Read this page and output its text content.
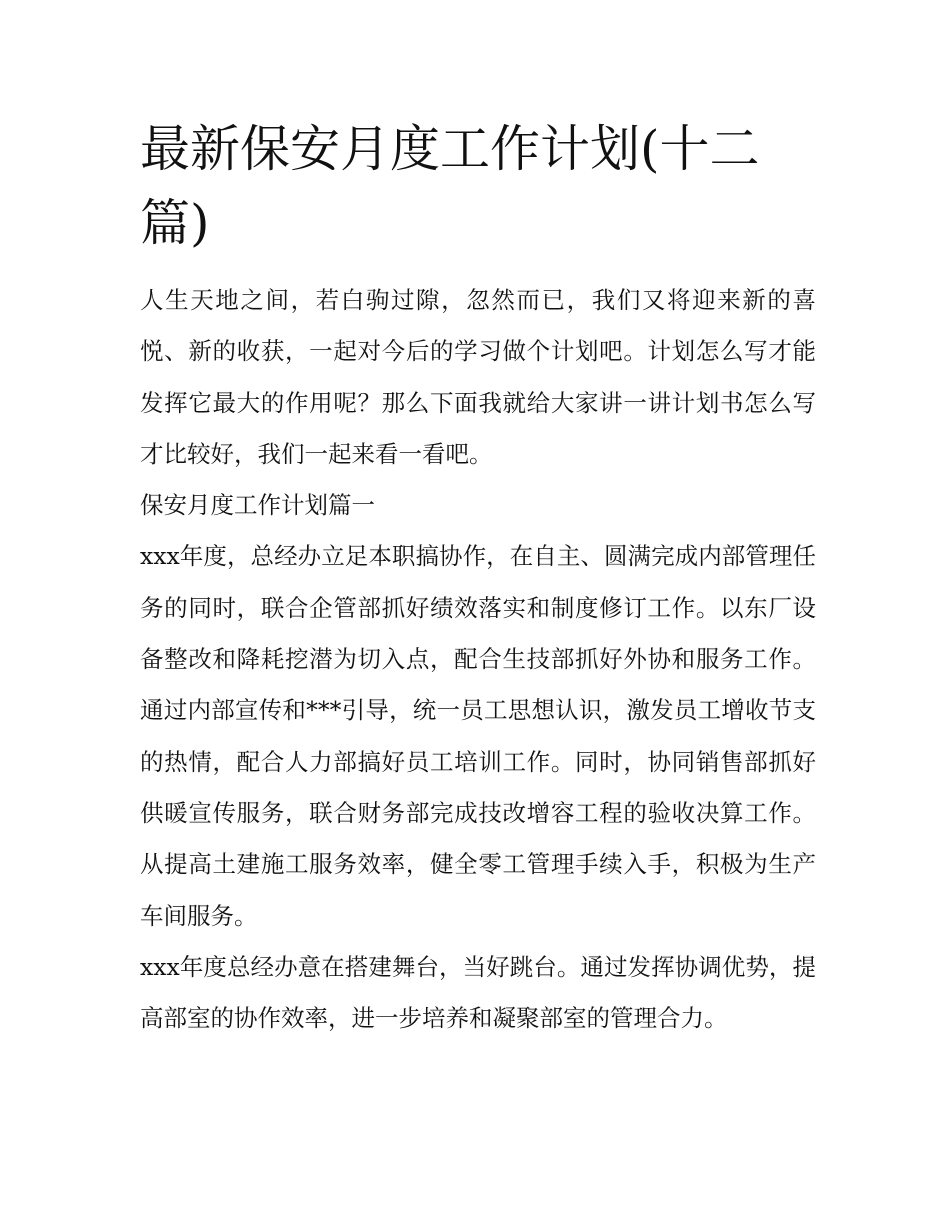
最新保安月度工作计划(十二篇)

人生天地之间，若白驹过隙，忽然而已，我们又将迎来新的喜悦、新的收获，一起对今后的学习做个计划吧。计划怎么写才能发挥它最大的作用呢？那么下面我就给大家讲一讲计划书怎么写才比较好，我们一起来看一看吧。

保安月度工作计划篇一

xxx年度，总经办立足本职搞协作，在自主、圆满完成内部管理任务的同时，联合企管部抓好绩效落实和制度修订工作。以东厂设备整改和降耗挖潜为切入点，配合生技部抓好外协和服务工作。通过内部宣传和***引导，统一员工思想认识，激发员工增收节支的热情，配合人力部搞好员工培训工作。同时，协同销售部抓好供暖宣传服务，联合财务部完成技改增容工程的验收决算工作。从提高土建施工服务效率，健全零工管理手续入手，积极为生产车间服务。

xxx年度总经办意在搭建舞台，当好跳台。通过发挥协调优势，提高部室的协作效率，进一步培养和凝聚部室的管理合力。
